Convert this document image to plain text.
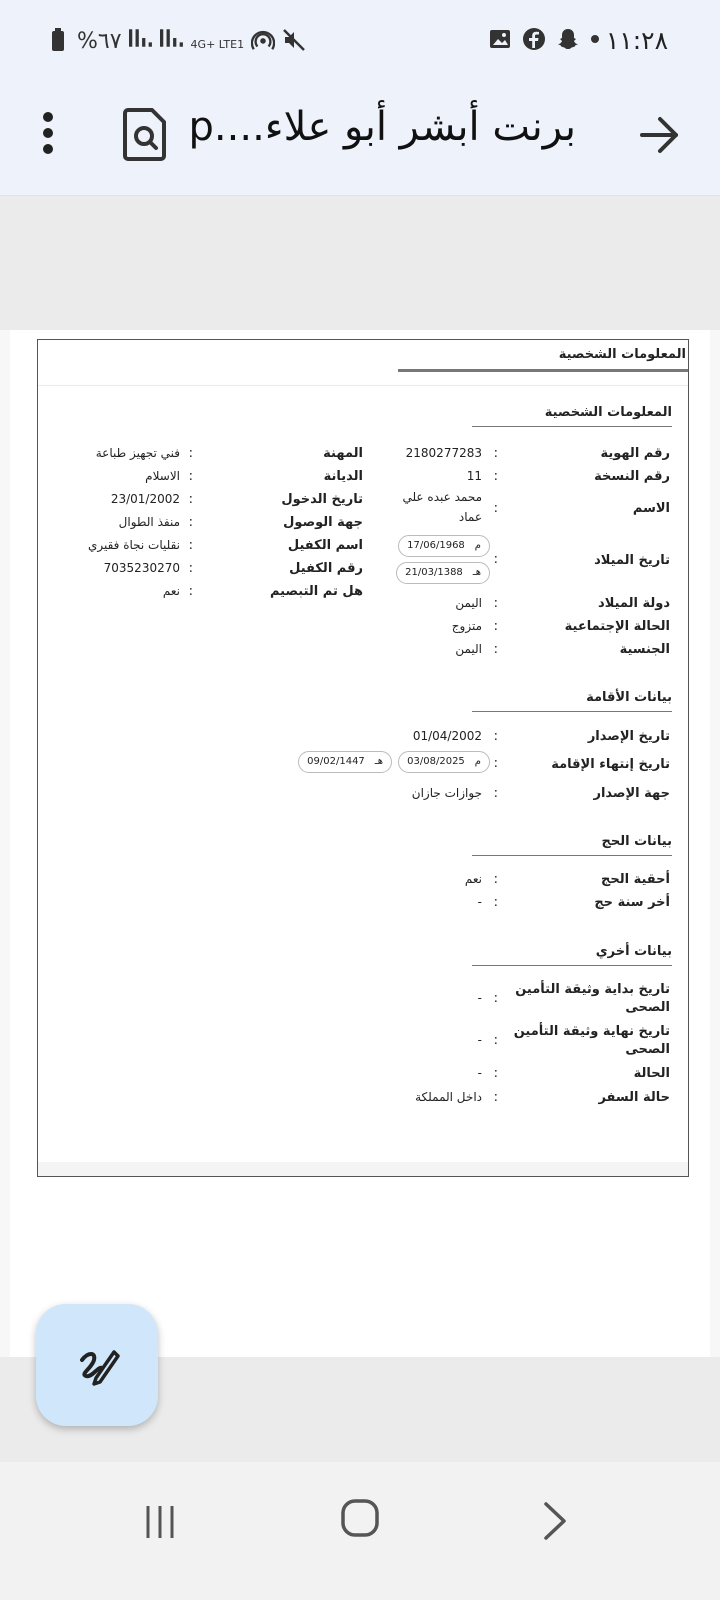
%٦٧	4G+ LTE1	١١:٢٨
برنت أبشر أبو علاء....p
المعلومات الشخصية
المعلومات الشخصية
رقم الهوية
:
2180277283
رقم النسخة
:
11
الاسم
:
محمد عبده علي
عماد
تاريخ الميلاد
:
م17/06/1968
هـ21/03/1388
دولة الميلاد
:
اليمن
الحالة الإجتماعية
:
متزوج
الجنسية
:
اليمن
المهنة
:
فني تجهيز طباعة
الديانة
:
الاسلام
تاريخ الدخول
:
23/01/2002
جهة الوصول
:
منفذ الطوال
اسم الكفيل
:
نقليات نجاة فقيري
رقم الكفيل
:
7035230270
هل تم التبصيم
:
نعم
بيانات الأقامة
تاريخ الإصدار
:
01/04/2002
تاريخ إنتهاء الإقامة
:
م03/08/2025
هـ09/02/1447
جهة الإصدار
:
جوازات جازان
بيانات الحج
أحقية الحج
:
نعم
أخر سنة حج
:
-
بيانات أخري
تاريخ بداية وثيقة التأمين
الصحى
:
-
تاريخ نهاية وثيقة التأمين
الصحى
:
-
الحالة
:
-
حالة السفر
:
داخل المملكة
